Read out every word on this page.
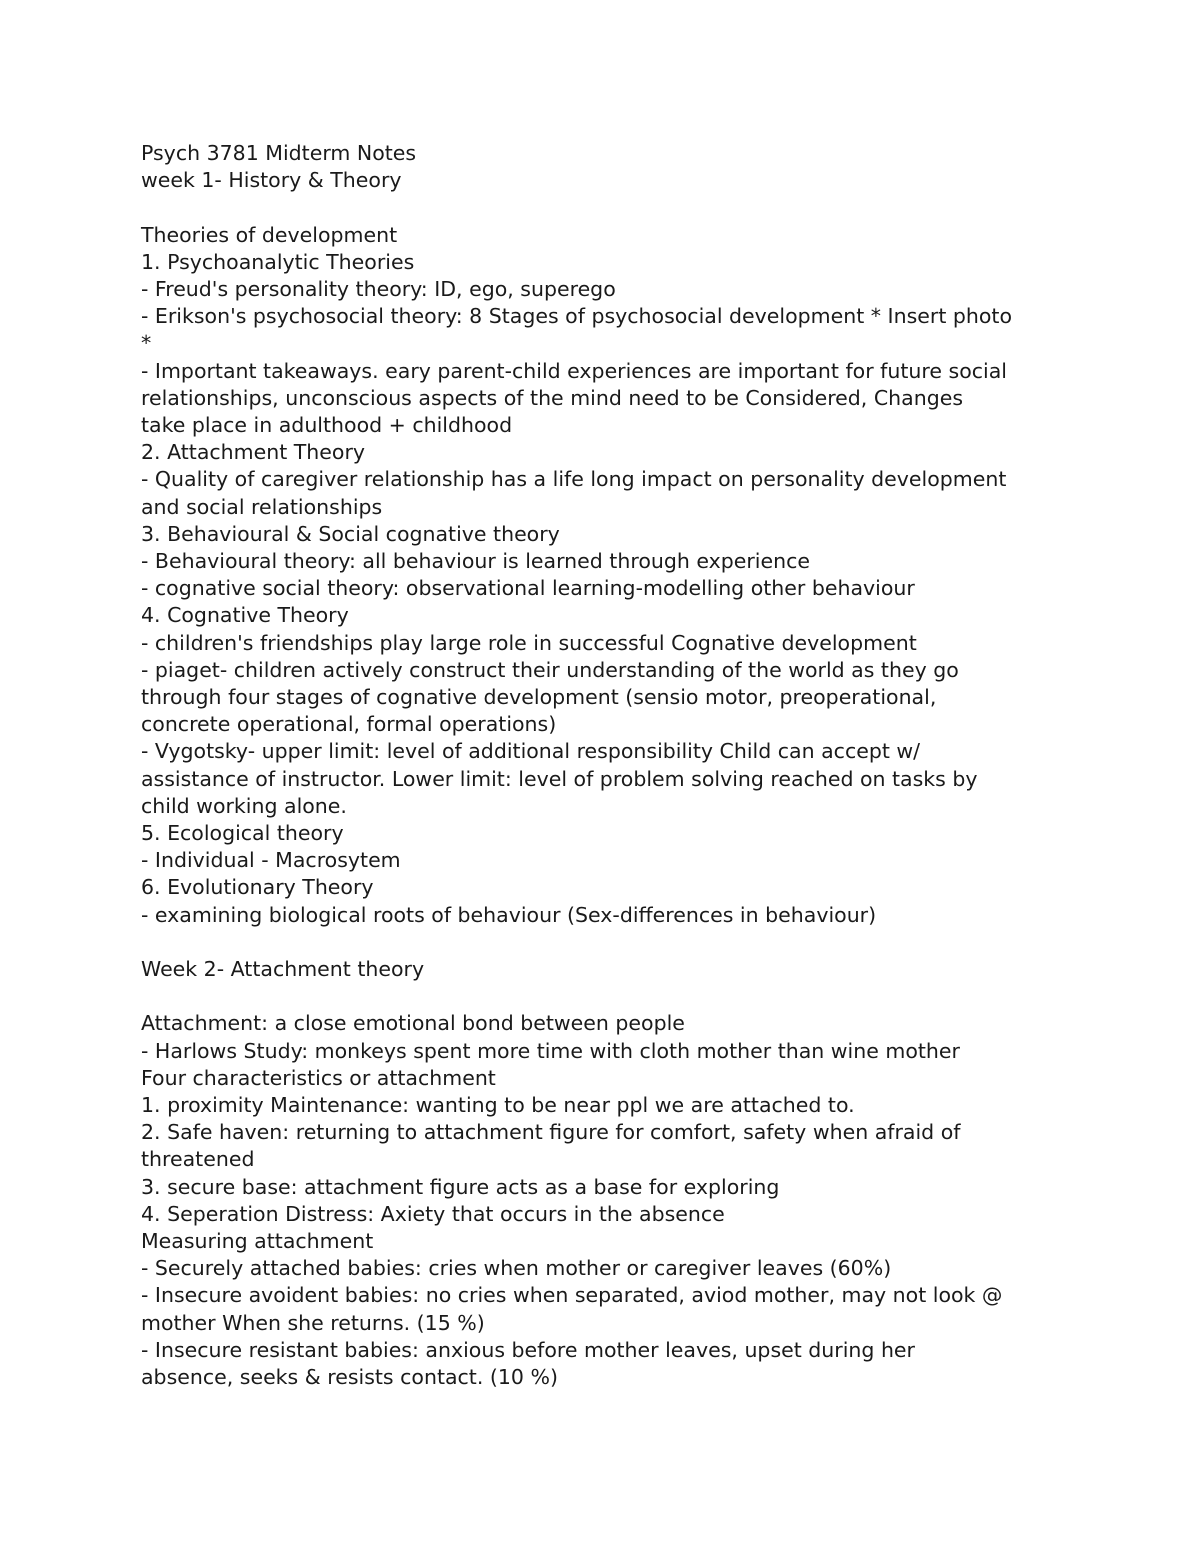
Psych 3781 Midterm Notes
week 1- History & Theory
Theories of development
1. Psychoanalytic Theories
- Freud's personality theory: ID, ego, superego
- Erikson's psychosocial theory: 8 Stages of psychosocial development * Insert photo
*
- Important takeaways. eary parent-child experiences are important for future social
relationships, unconscious aspects of the mind need to be Considered, Changes
take place in adulthood + childhood
2. Attachment Theory
- Quality of caregiver relationship has a life long impact on personality development
and social relationships
3. Behavioural & Social cognative theory
- Behavioural theory: all behaviour is learned through experience
- cognative social theory: observational learning-modelling other behaviour
4. Cognative Theory
- children's friendships play large role in successful Cognative development
- piaget- children actively construct their understanding of the world as they go
through four stages of cognative development (sensio motor, preoperational,
concrete operational, formal operations)
- Vygotsky- upper limit: level of additional responsibility Child can accept w/
assistance of instructor. Lower limit: level of problem solving reached on tasks by
child working alone.
5. Ecological theory
- Individual - Macrosytem
6. Evolutionary Theory
- examining biological roots of behaviour (Sex-differences in behaviour)
Week 2- Attachment theory
Attachment: a close emotional bond between people
- Harlows Study: monkeys spent more time with cloth mother than wine mother
Four characteristics or attachment
1. proximity Maintenance: wanting to be near ppl we are attached to.
2. Safe haven: returning to attachment figure for comfort, safety when afraid of
threatened
3. secure base: attachment figure acts as a base for exploring
4. Seperation Distress: Axiety that occurs in the absence
Measuring attachment
- Securely attached babies: cries when mother or caregiver leaves (60%)
- Insecure avoident babies: no cries when separated, aviod mother, may not look @
mother When she returns. (15 %)
- Insecure resistant babies: anxious before mother leaves, upset during her
absence, seeks & resists contact. (10 %)
